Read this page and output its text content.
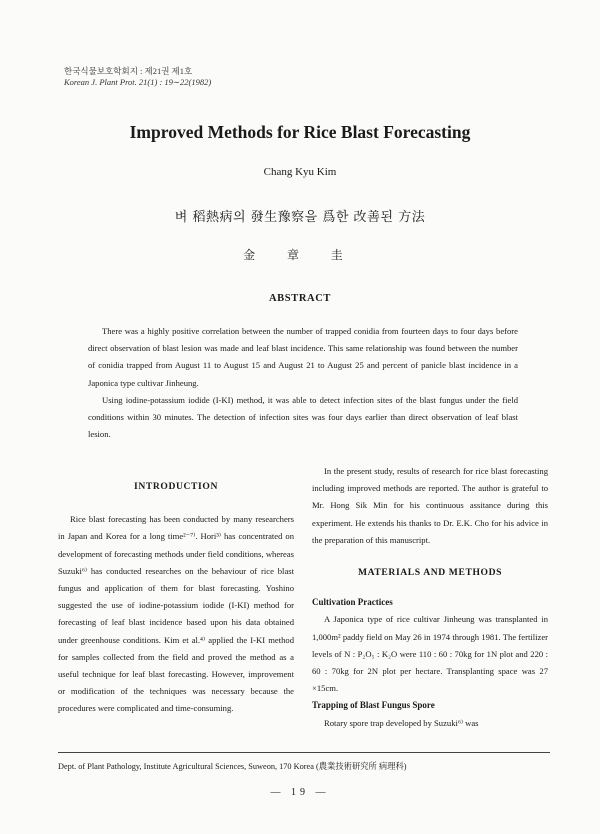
한국식물보호학회지 : 제21권 제1호
Korean J. Plant Prot. 21(1) : 19∼22(1982)
Improved Methods for Rice Blast Forecasting
Chang Kyu Kim
벼 稻熱病의 發生豫察을 爲한 改善된 方法
金 章 圭
ABSTRACT

There was a highly positive correlation between the number of trapped conidia from fourteen days to four days before direct observation of blast lesion was made and leaf blast incidence. This same relationship was found between the number of conidia trapped from August 11 to August 15 and August 21 to August 25 and percent of panicle blast incidence in a Japonica type cultivar Jinheung.

Using iodine-potassium iodide (I-KI) method, it was able to detect infection sites of the blast fungus under the field conditions within 30 minutes. The detection of infection sites was four days earlier than direct observation of leaf blast lesion.

INTRODUCTION

Rice blast forecasting has been conducted by many researchers in Japan and Korea for a long time²⁻⁷⁾. Hori³⁾ has concentrated on development of forecasting methods under field conditions, whereas Suzuki⁶⁾ has conducted researches on the behaviour of rice blast fungus and application of them for blast forecasting. Yoshino suggested the use of iodine-potassium iodide (I-KI) method for forecasting of leaf blast incidence based upon his data obtained under greenhouse conditions. Kim et al.⁴⁾ applied the I-KI method for samples collected from the field and proved the method as a useful technique for leaf blast forecasting. However, improvement or modification of the techniques was necessary because the procedures were complicated and time-consuming.

In the present study, results of research for rice blast forecasting including improved methods are reported. The author is grateful to Mr. Hong Sik Min for his continuous assitance during this experiment. He extends his thanks to Dr. E.K. Cho for his advice in the preparation of this manuscript.

MATERIALS AND METHODS
Cultivation Practices

A Japonica type of rice cultivar Jinheung was transplanted in 1,000m² paddy field on May 26 in 1974 through 1981. The fertilizer levels of N : P₂O₅ : K₂O were 110 : 60 : 70kg for 1N plot and 220 : 60 : 70kg for 2N plot per hectare. Transplanting space was 27 ×15cm.

Trapping of Blast Fungus Spore

Rotary spore trap developed by Suzuki⁶⁾ was

Dept. of Plant Pathology, Institute Agricultural Sciences, Suweon, 170 Korea (農業技術研究所 病理科)
— 19 —
